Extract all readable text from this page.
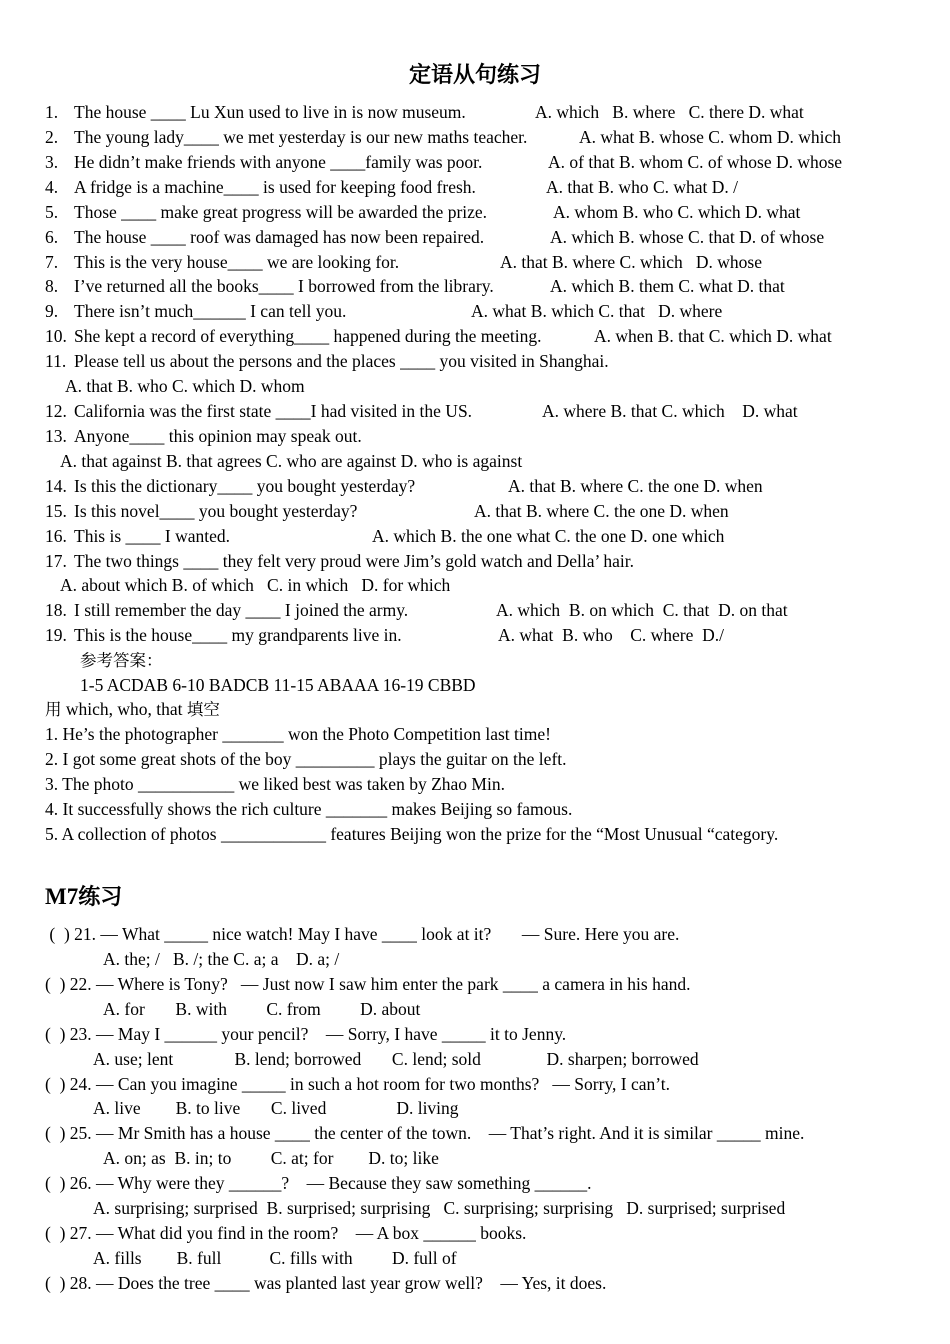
定语从句练习
1. The house ____ Lu Xun used to live in is now museum.	A. which   B. where   C. there D. what
2. The young lady____ we met yesterday is our new maths teacher.	A. what B. whose C. whom D. which
3. He didn’t make friends with anyone ____family was poor.	A. of that B. whom C. of whose D. whose
4. A fridge is a machine____ is used for keeping food fresh.	A. that B. who C. what D. /
5. Those ____ make great progress will be awarded the prize.	A. whom B. who C. which D. what
6. The house ____ roof was damaged has now been repaired.	A. which B. whose C. that D. of whose
7. This is the very house____ we are looking for.	A. that B. where C. which   D. whose
8. I’ve returned all the books____ I borrowed from the library.	A. which B. them C. what D. that
9. There isn’t much______ I can tell you.	A. what B. which C. that   D. where
10. She kept a record of everything____ happened during the meeting.	A. when B. that C. which D. what
11. Please tell us about the persons and the places ____ you visited in Shanghai.
A. that B. who C. which D. whom
12. California was the first state ____I had visited in the US.	A. where B. that C. which    D. what
13. Anyone____ this opinion may speak out.
A. that against B. that agrees C. who are against D. who is against
14. Is this the dictionary____ you bought yesterday?	A. that B. where C. the one D. when
15. Is this novel____ you bought yesterday?	A. that B. where C. the one D. when
16. This is ____ I wanted.	A. which B. the one what C. the one D. one which
17. The two things ____ they felt very proud were Jim’s gold watch and Della’ hair.
A. about which B. of which   C. in which   D. for which
18. I still remember the day ____ I joined the army.	A. which  B. on which  C. that  D. on that
19. This is the house____ my grandparents live in.	A. what  B. who    C. where  D./
参考答案：
1-5 ACDAB 6-10 BADCB 11-15 ABAAA 16-19 CBBD
用 which, who, that 填空
1. He’s the photographer _______ won the Photo Competition last time!
2. I got some great shots of the boy _________ plays the guitar on the left.
3. The photo ___________ we liked best was taken by Zhao Min.
4. It successfully shows the rich culture _______ makes Beijing so famous.
5. A collection of photos ____________ features Beijing won the prize for the “Most Unusual “category.
M7练习
(  ) 21. — What _____ nice watch! May I have ____ look at it?       — Sure. Here you are.
A. the; /   B. /; the C. a; a    D. a; /
(  ) 22. — Where is Tony?   — Just now I saw him enter the park ____ a camera in his hand.
A. for       B. with         C. from         D. about
(  ) 23. — May I ______ your pencil?    — Sorry, I have _____ it to Jenny.
A. use; lent              B. lend; borrowed       C. lend; sold               D. sharpen; borrowed
(  ) 24. — Can you imagine _____ in such a hot room for two months?   — Sorry, I can’t.
A. live        B. to live       C. lived                D. living
(  ) 25. — Mr Smith has a house ____ the center of the town.    — That’s right. And it is similar _____ mine.
A. on; as  B. in; to         C. at; for        D. to; like
(  ) 26. — Why were they ______?    — Because they saw something ______.
A. surprising; surprised  B. surprised; surprising   C. surprising; surprising   D. surprised; surprised
(  ) 27. — What did you find in the room?    — A box ______ books.
A. fills        B. full           C. fills with         D. full of
(  ) 28. — Does the tree ____ was planted last year grow well?    — Yes, it does.
